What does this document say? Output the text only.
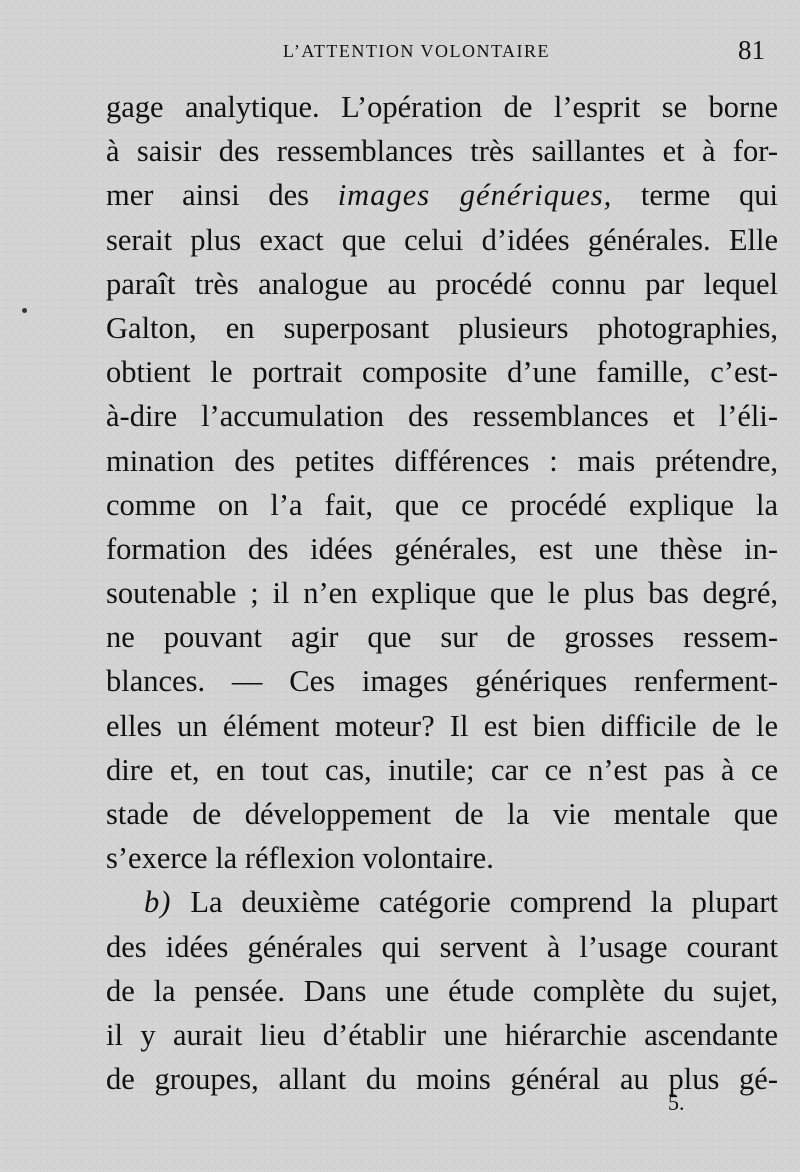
L’ATTENTION VOLONTAIRE	81
gage analytique. L’opération de l’esprit se borne
à saisir des ressemblances très saillantes et à for-
mer ainsi des images génériques, terme qui
serait plus exact que celui d’idées générales. Elle
paraît très analogue au procédé connu par lequel
Galton, en superposant plusieurs photographies,
obtient le portrait composite d’une famille, c’est-
à-dire l’accumulation des ressemblances et l’éli-
mination des petites différences : mais prétendre,
comme on l’a fait, que ce procédé explique la
formation des idées générales, est une thèse in-
soutenable ; il n’en explique que le plus bas degré,
ne pouvant agir que sur de grosses ressem-
blances. — Ces images génériques renferment-
elles un élément moteur? Il est bien difficile de le
dire et, en tout cas, inutile; car ce n’est pas à ce
stade de développement de la vie mentale que
s’exerce la réflexion volontaire.
b) La deuxième catégorie comprend la plupart
des idées générales qui servent à l’usage courant
de la pensée. Dans une étude complète du sujet,
il y aurait lieu d’établir une hiérarchie ascendante
de groupes, allant du moins général au plus gé-
5.
